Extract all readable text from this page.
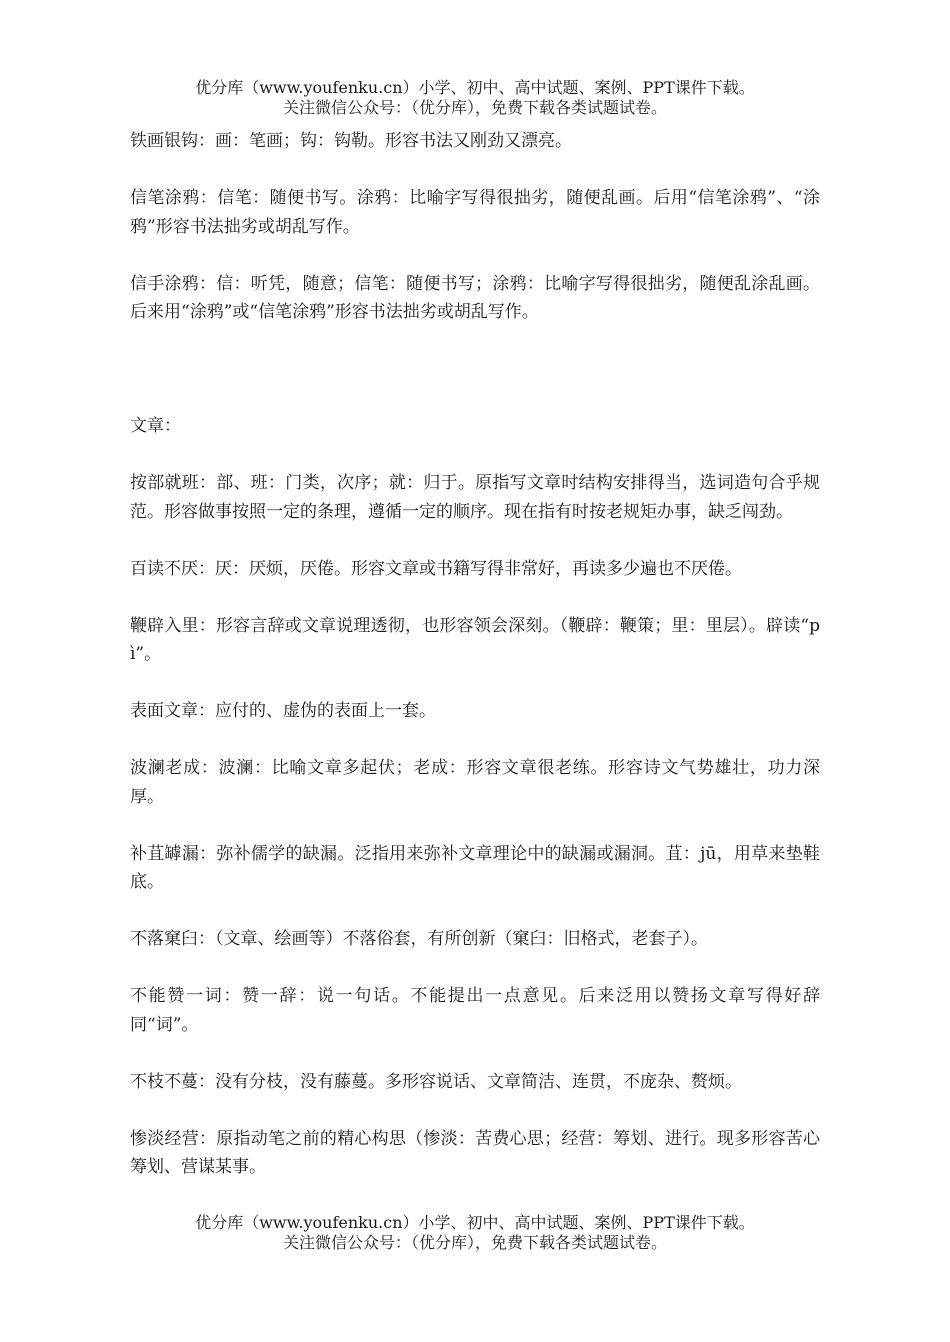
优分库（www.youfenku.cn）小学、初中、高中试题、案例、PPT课件下载。
关注微信公众号：（优分库），免费下载各类试题试卷。

铁画银钩：画：笔画；钩：钩勒。形容书法又刚劲又漂亮。

信笔涂鸦：信笔：随便书写。涂鸦：比喻字写得很拙劣，随便乱画。后用“信笔涂鸦”、“涂鸦”形容书法拙劣或胡乱写作。

信手涂鸦：信：听凭，随意；信笔：随便书写；涂鸦：比喻字写得很拙劣，随便乱涂乱画。后来用“涂鸦”或“信笔涂鸦”形容书法拙劣或胡乱写作。

文章：

按部就班：部、班：门类，次序；就：归于。原指写文章时结构安排得当，选词造句合乎规范。形容做事按照一定的条理，遵循一定的顺序。现在指有时按老规矩办事，缺乏闯劲。

百读不厌：厌：厌烦，厌倦。形容文章或书籍写得非常好，再读多少遍也不厌倦。

鞭辟入里：形容言辞或文章说理透彻，也形容领会深刻。（鞭辟：鞭策；里：里层）。辟读“pì”。

表面文章：应付的、虚伪的表面上一套。

波澜老成：波澜：比喻文章多起伏；老成：形容文章很老练。形容诗文气势雄壮，功力深厚。

补苴罅漏：弥补儒学的缺漏。泛指用来弥补文章理论中的缺漏或漏洞。苴：jū，用草来垫鞋底。

不落窠臼：（文章、绘画等）不落俗套，有所创新（窠臼：旧格式，老套子）。

不能赞一词：赞一辞：说一句话。不能提出一点意见。后来泛用以赞扬文章写得好辞同“词”。

不枝不蔓：没有分枝，没有藤蔓。多形容说话、文章简洁、连贯，不庞杂、赘烦。

惨淡经营：原指动笔之前的精心构思（惨淡：苦费心思；经营：筹划、进行。现多形容苦心筹划、营谋某事。

优分库（www.youfenku.cn）小学、初中、高中试题、案例、PPT课件下载。
关注微信公众号：（优分库），免费下载各类试题试卷。
